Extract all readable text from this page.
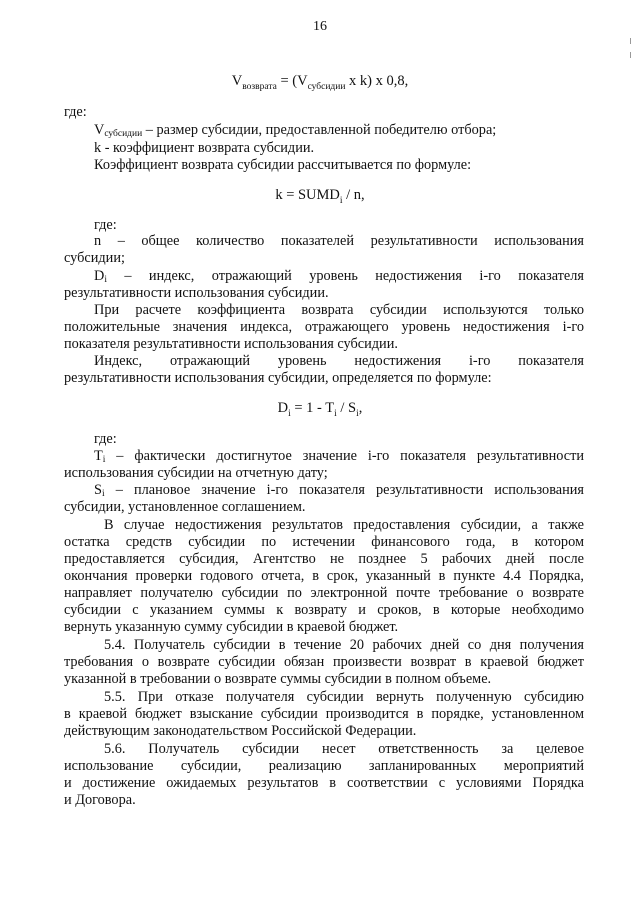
16
$V_{возврата} = (V_{субсидии}$ x k) x 0,8,
где:
$V_{субсидии}$ – размер субсидии, предоставленной победителю отбора;
k - коэффициент возврата субсидии.
Коэффициент возврата субсидии рассчитывается по формуле:
$k = SUMD_i / n$,
где:
n – общее количество показателей результативности использования
субсидии;
$D_i$ – индекс, отражающий уровень недостижения i-го показателя
результативности использования субсидии.
При расчете коэффициента возврата субсидии используются только
положительные значения индекса, отражающего уровень недостижения i-го
показателя результативности использования субсидии.
Индекс, отражающий уровень недостижения i-го показателя
результативности использования субсидии, определяется по формуле:
$D_i = 1 - T_i / S_i$,
где:
$T_i$ – фактически достигнутое значение i-го показателя результативности
использования субсидии на отчетную дату;
$S_i$ – плановое значение i-го показателя результативности использования
субсидии, установленное соглашением.
В случае недостижения результатов предоставления субсидии, а также
остатка средств субсидии по истечении финансового года, в котором
предоставляется субсидия, Агентство не позднее 5 рабочих дней после
окончания проверки годового отчета, в срок, указанный в пункте 4.4 Порядка,
направляет получателю субсидии по электронной почте требование о возврате
субсидии с указанием суммы к возврату и сроков, в которые необходимо
вернуть указанную сумму субсидии в краевой бюджет.
5.4. Получатель субсидии в течение 20 рабочих дней со дня получения
требования о возврате субсидии обязан произвести возврат в краевой бюджет
указанной в требовании о возврате суммы субсидии в полном объеме.
5.5. При отказе получателя субсидии вернуть полученную субсидию
в краевой бюджет взыскание субсидии производится в порядке, установленном
действующим законодательством Российской Федерации.
5.6. Получатель субсидии несет ответственность за целевое
использование субсидии, реализацию запланированных мероприятий
и достижение ожидаемых результатов в соответствии с условиями Порядка
и Договора.
